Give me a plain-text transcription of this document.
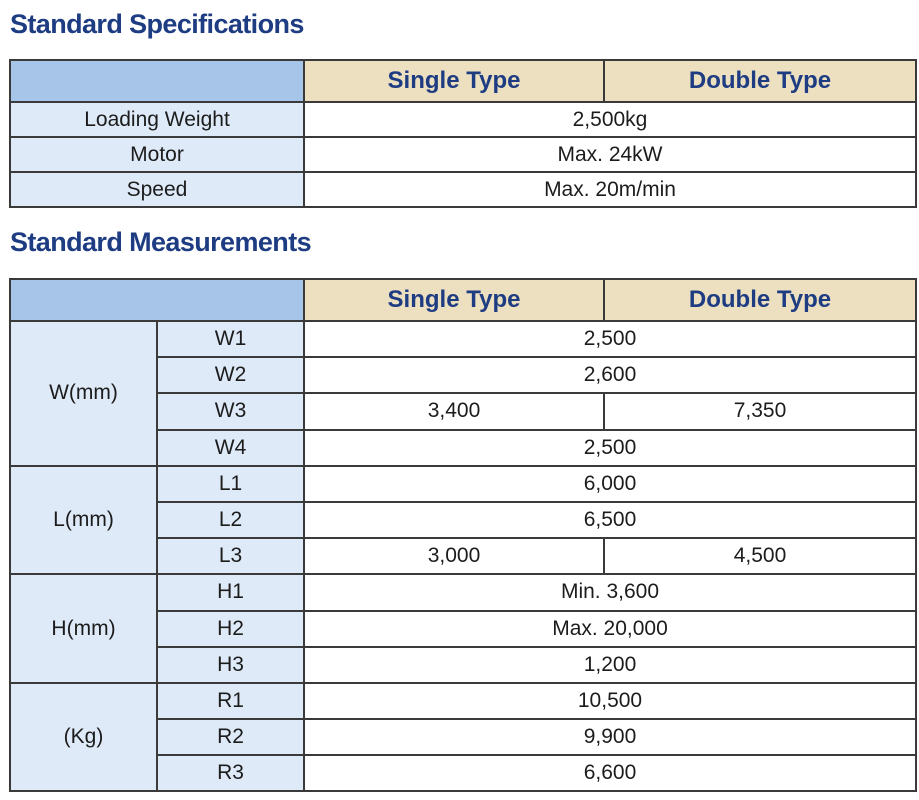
Standard Specifications
	Single Type	Double Type
Loading Weight	2,500kg	
Motor	Max. 24kW	
Speed	Max. 20m/min	
Standard Measurements
		Single Type	Double Type
W(mm)	W1	2,500	
	W2	2,600	
	W3	3,400	7,350
	W4	2,500	
L(mm)	L1	6,000	
	L2	6,500	
	L3	3,000	4,500
H(mm)	H1	Min. 3,600	
	H2	Max. 20,000	
	H3	1,200	
(Kg)	R1	10,500	
	R2	9,900	
	R3	6,600	
